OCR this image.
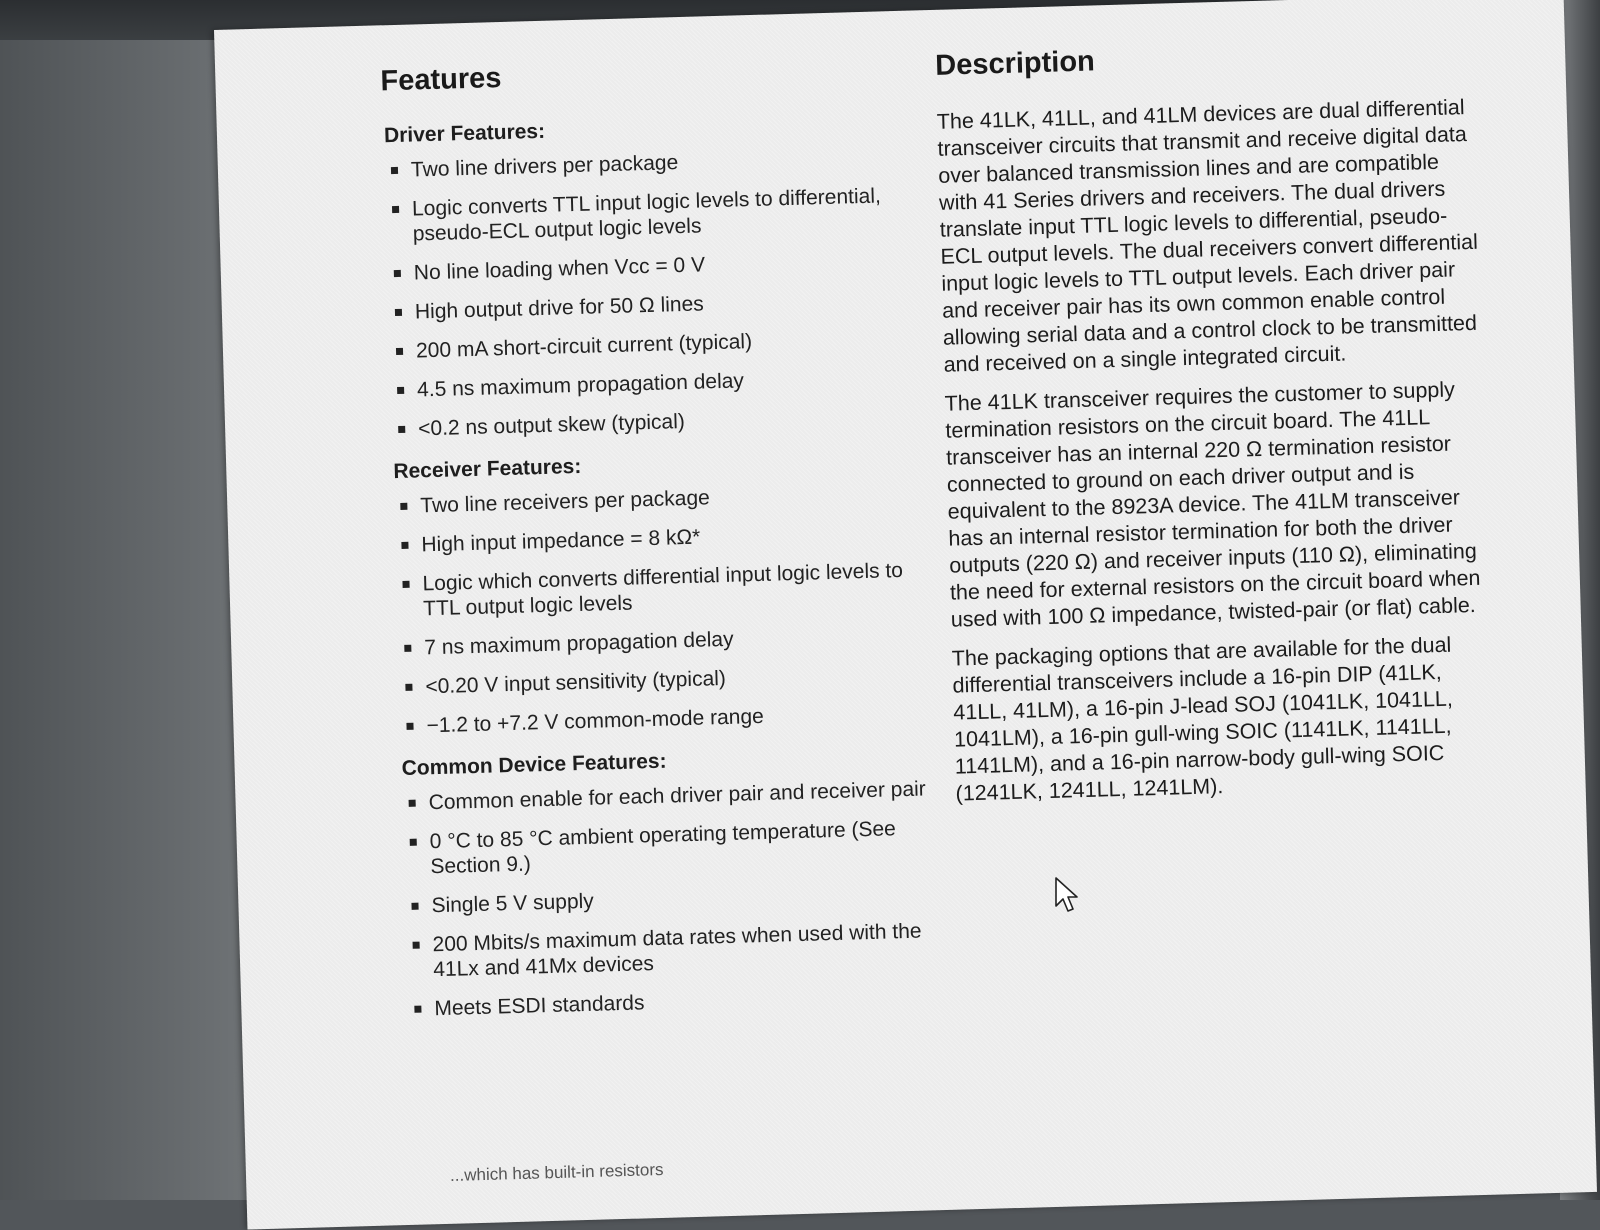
Features
Driver Features:
Two line drivers per package
Logic converts TTL input logic levels to differential, pseudo-ECL output logic levels
No line loading when Vcc = 0 V
High output drive for 50 Ω lines
200 mA short-circuit current (typical)
4.5 ns maximum propagation delay
<0.2 ns output skew (typical)
Receiver Features:
Two line receivers per package
High input impedance = 8 kΩ*
Logic which converts differential input logic levels to TTL output logic levels
7 ns maximum propagation delay
<0.20 V input sensitivity (typical)
−1.2 to +7.2 V common-mode range
Common Device Features:
Common enable for each driver pair and receiver pair
0 °C to 85 °C ambient operating temperature (See Section 9.)
Single 5 V supply
200 Mbits/s maximum data rates when used with the 41Lx and 41Mx devices
Meets ESDI standards
Description

The 41LK, 41LL, and 41LM devices are dual differential transceiver circuits that transmit and receive digital data over balanced transmission lines and are compatible with 41 Series drivers and receivers. The dual drivers translate input TTL logic levels to differential, pseudo-ECL output levels. The dual receivers convert differential input logic levels to TTL output levels. Each driver pair and receiver pair has its own common enable control allowing serial data and a control clock to be transmitted and received on a single integrated circuit.

The 41LK transceiver requires the customer to supply termination resistors on the circuit board. The 41LL transceiver has an internal 220 Ω termination resistor connected to ground on each driver output and is equivalent to the 8923A device. The 41LM transceiver has an internal resistor termination for both the driver outputs (220 Ω) and receiver inputs (110 Ω), eliminating the need for external resistors on the circuit board when used with 100 Ω impedance, twisted-pair (or flat) cable.

The packaging options that are available for the dual differential transceivers include a 16-pin DIP (41LK, 41LL, 41LM), a 16-pin J-lead SOJ (1041LK, 1041LL, 1041LM), a 16-pin gull-wing SOIC (1141LK, 1141LL, 1141LM), and a 16-pin narrow-body gull-wing SOIC (1241LK, 1241LL, 1241LM).

...which has built-in resistors
